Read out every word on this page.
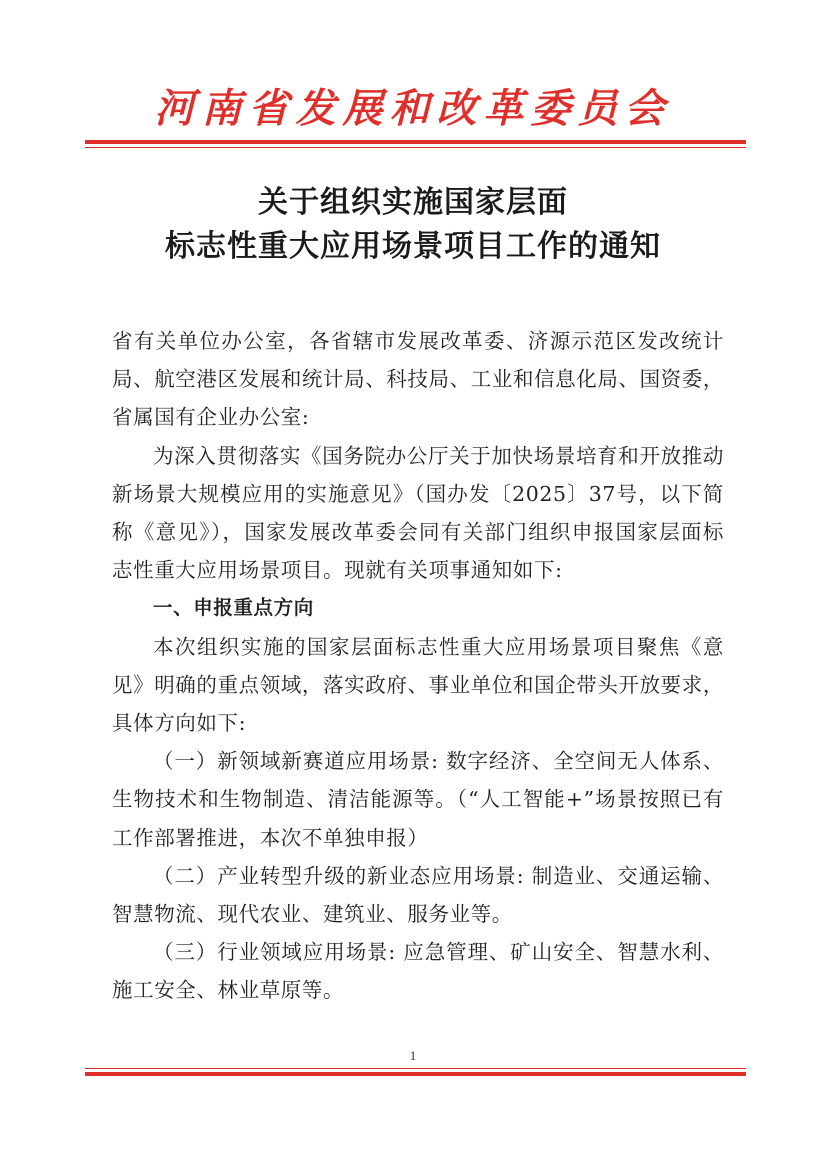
河南省发展和改革委员会
关于组织实施国家层面
标志性重大应用场景项目工作的通知

省有关单位办公室，各省辖市发展改革委、济源示范区发改统计局、航空港区发展和统计局、科技局、工业和信息化局、国资委，省属国有企业办公室:

为深入贯彻落实《国务院办公厅关于加快场景培育和开放推动新场景大规模应用的实施意见》（国办发〔2025〕37号，以下简称《意见》），国家发展改革委会同有关部门组织申报国家层面标志性重大应用场景项目。现就有关项事通知如下:

一、申报重点方向

本次组织实施的国家层面标志性重大应用场景项目聚焦《意见》明确的重点领域，落实政府、事业单位和国企带头开放要求，具体方向如下:

（一）新领域新赛道应用场景: 数字经济、全空间无人体系、生物技术和生物制造、清洁能源等。（“人工智能+”场景按照已有工作部署推进，本次不单独申报）

（二）产业转型升级的新业态应用场景: 制造业、交通运输、智慧物流、现代农业、建筑业、服务业等。

（三）行业领域应用场景: 应急管理、矿山安全、智慧水利、施工安全、林业草原等。

1
